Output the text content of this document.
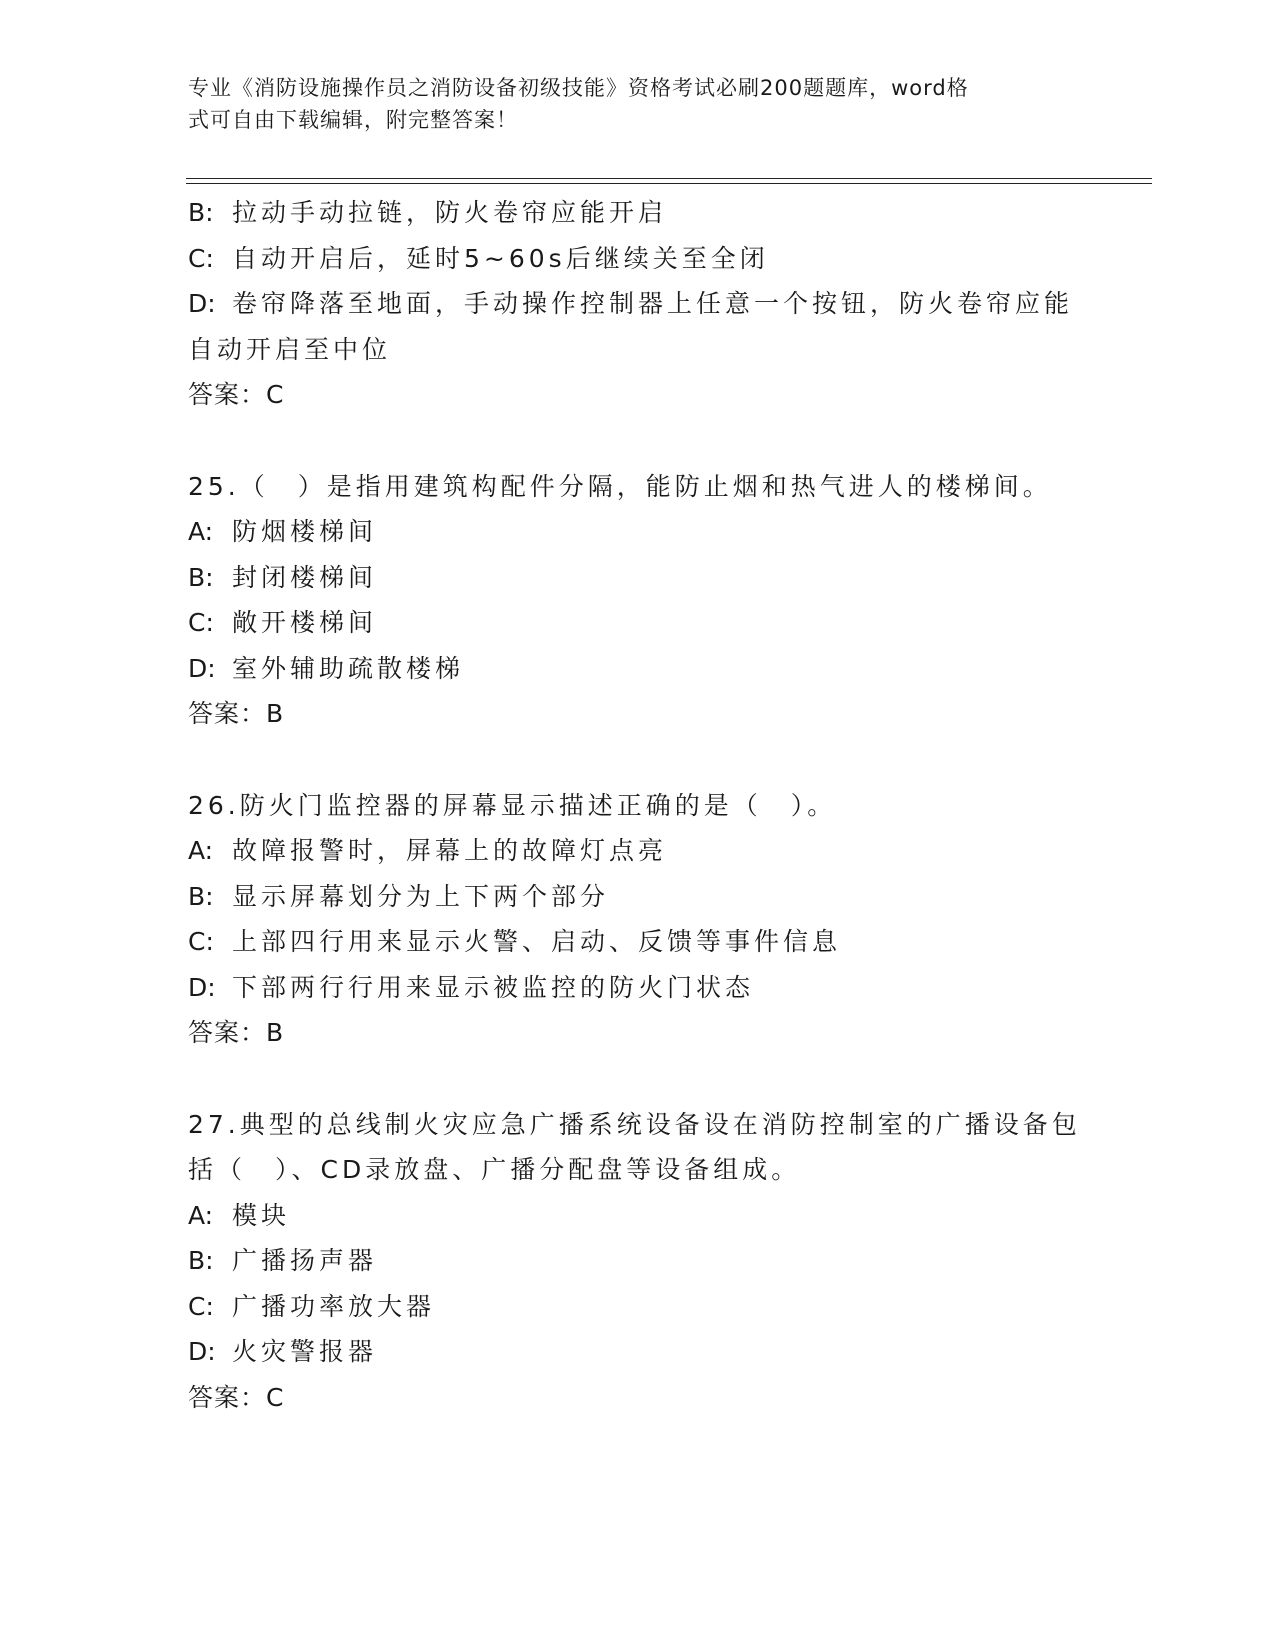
专业《消防设施操作员之消防设备初级技能》资格考试必刷200题题库，word格
式可自由下载编辑，附完整答案！
B: 拉动手动拉链，防火卷帘应能开启
C: 自动开启后，延时5~60s后继续关至全闭
D: 卷帘降落至地面，手动操作控制器上任意一个按钮，防火卷帘应能
自动开启至中位
答案：C
25.（　）是指用建筑构配件分隔，能防止烟和热气进人的楼梯间。
A: 防烟楼梯间
B: 封闭楼梯间
C: 敞开楼梯间
D: 室外辅助疏散楼梯
答案：B
26.防火门监控器的屏幕显示描述正确的是（　）。
A: 故障报警时，屏幕上的故障灯点亮
B: 显示屏幕划分为上下两个部分
C: 上部四行用来显示火警、启动、反馈等事件信息
D: 下部两行行用来显示被监控的防火门状态
答案：B
27.典型的总线制火灾应急广播系统设备设在消防控制室的广播设备包
括（　）、CD录放盘、广播分配盘等设备组成。
A: 模块
B: 广播扬声器
C: 广播功率放大器
D: 火灾警报器
答案：C
